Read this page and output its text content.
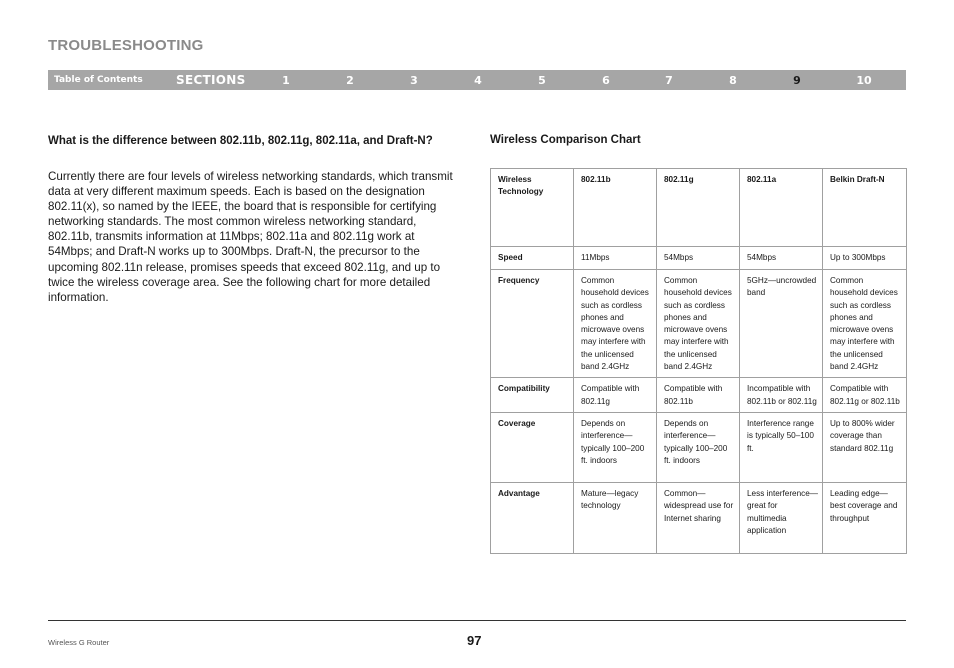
TROUBLESHOOTING
Table of Contents	SECTIONS	1	2	3	4	5	6	7	8	9	10
What is the difference between 802.11b, 802.11g, 802.11a, and Draft-N?
Currently there are four levels of wireless networking standards, which transmit data at very different maximum speeds. Each is based on the designation 802.11(x), so named by the IEEE, the board that is responsible for certifying networking standards. The most common wireless networking standard, 802.11b, transmits information at 11Mbps; 802.11a and 802.11g work at 54Mbps; and Draft-N works up to 300Mbps. Draft-N, the precursor to the upcoming 802.11n release, promises speeds that exceed 802.11g, and up to twice the wireless coverage area. See the following chart for more detailed information.
Wireless Comparison Chart
Wireless Technology	802.11b	802.11g	802.11a	Belkin Draft-N
Speed	11Mbps	54Mbps	54Mbps	Up to 300Mbps
Frequency	Common household devices such as cordless phones and microwave ovens may interfere with the unlicensed band 2.4GHz	Common household devices such as cordless phones and microwave ovens may interfere with the unlicensed band 2.4GHz	5GHz—uncrowded band	Common household devices such as cordless phones and microwave ovens may interfere with the unlicensed band 2.4GHz
Compatibility	Compatible with 802.11g	Compatible with 802.11b	Incompatible with 802.11b or 802.11g	Compatible with 802.11g or 802.11b
Coverage	Depends on interference—typically 100–200 ft. indoors	Depends on interference—typically 100–200 ft. indoors	Interference range is typically 50–100 ft.	Up to 800% wider coverage than standard 802.11g
Advantage	Mature—legacy technology	Common—widespread use for Internet sharing	Less interference—great for multimedia application	Leading edge—best coverage and throughput
Wireless G Router	97
